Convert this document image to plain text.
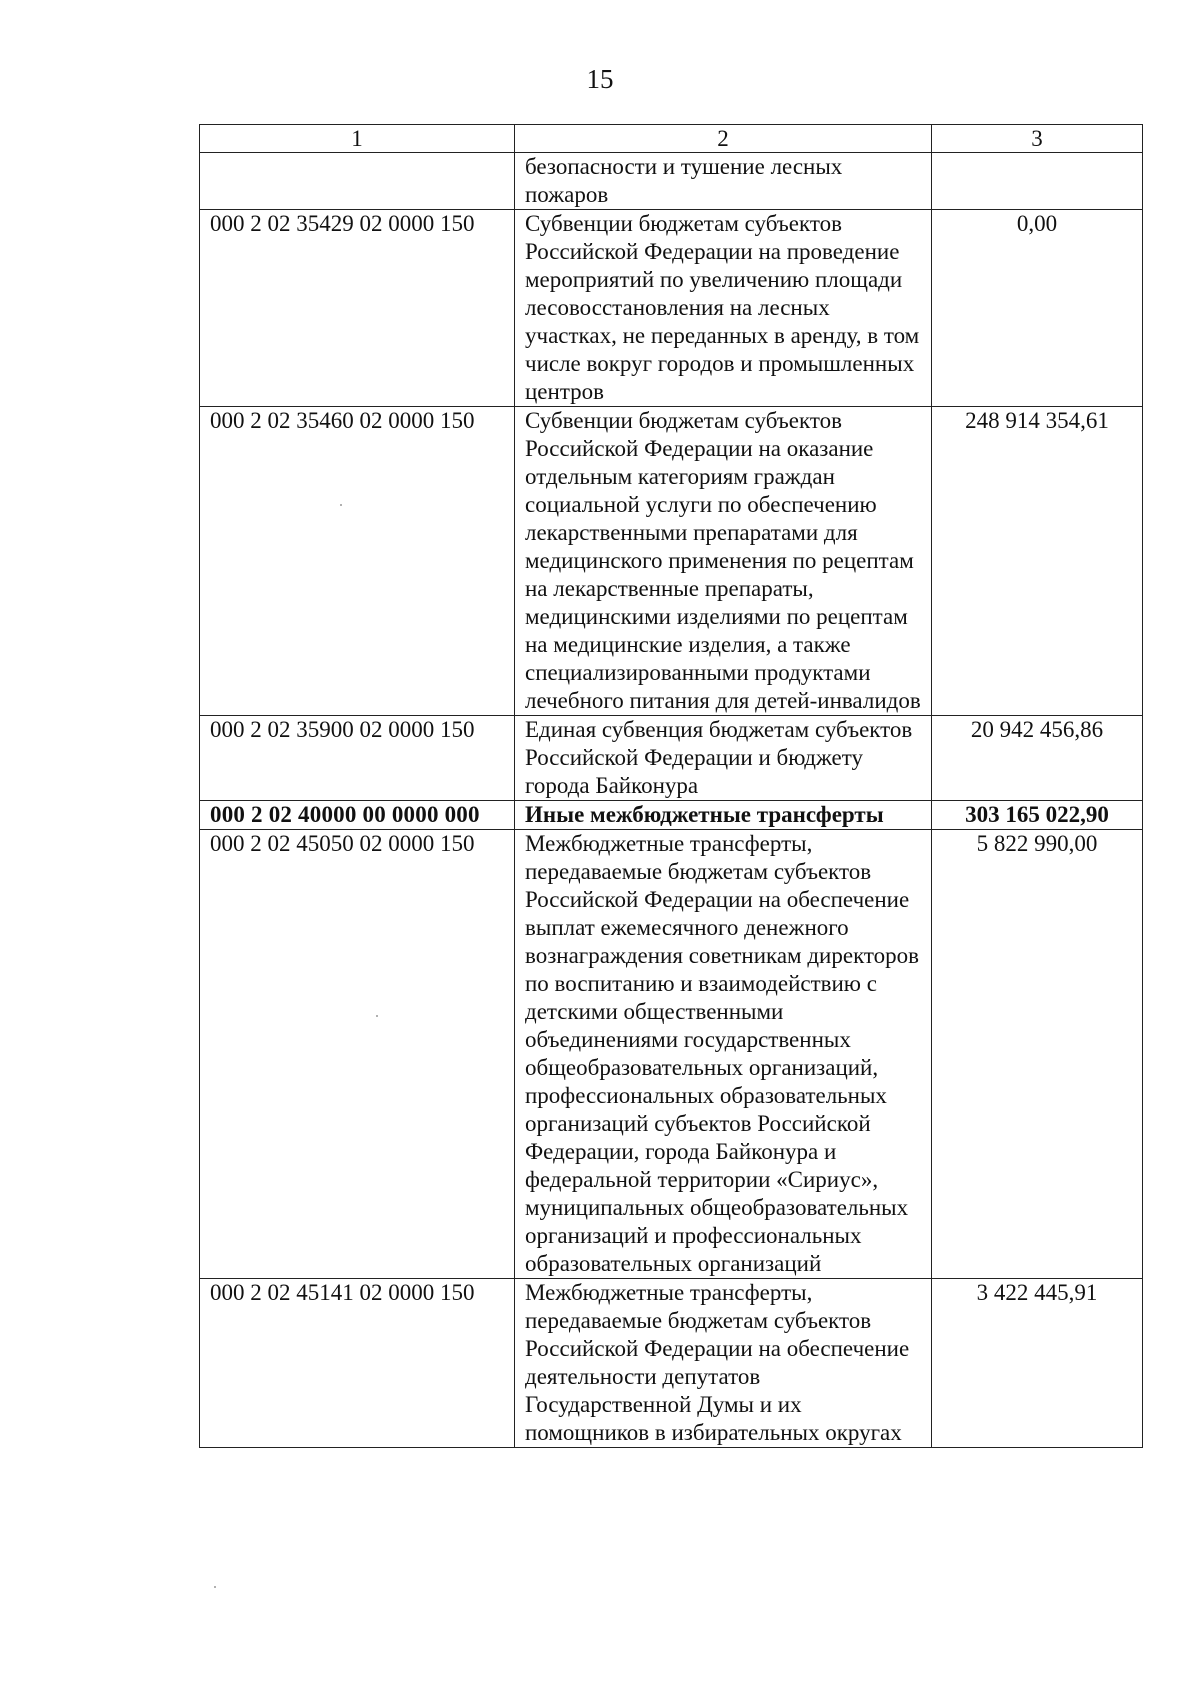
15
1	2	3
	безопасности и тушение лесных пожаров	
000 2 02 35429 02 0000 150	Субвенции бюджетам субъектов Российской Федерации на проведение мероприятий по увеличению площади лесовосстановления на лесных участках, не переданных в аренду, в том числе вокруг городов и промышленных центров	0,00
000 2 02 35460 02 0000 150	Субвенции бюджетам субъектов Российской Федерации на оказание отдельным категориям граждан социальной услуги по обеспечению лекарственными препаратами для медицинского применения по рецептам на лекарственные препараты, медицинскими изделиями по рецептам на медицинские изделия, а также специализированными продуктами лечебного питания для детей-инвалидов	248 914 354,61
000 2 02 35900 02 0000 150	Единая субвенция бюджетам субъектов Российской Федерации и бюджету города Байконура	20 942 456,86
000 2 02 40000 00 0000 000	Иные межбюджетные трансферты	303 165 022,90
000 2 02 45050 02 0000 150	Межбюджетные трансферты, передаваемые бюджетам субъектов Российской Федерации на обеспечение выплат ежемесячного денежного вознаграждения советникам директоров по воспитанию и взаимодействию с детскими общественными объединениями государственных общеобразовательных организаций, профессиональных образовательных организаций субъектов Российской Федерации, города Байконура и федеральной территории «Сириус», муниципальных общеобразовательных организаций и профессиональных образовательных организаций	5 822 990,00
000 2 02 45141 02 0000 150	Межбюджетные трансферты, передаваемые бюджетам субъектов Российской Федерации на обеспечение деятельности депутатов Государственной Думы и их помощников в избирательных округах	3 422 445,91
